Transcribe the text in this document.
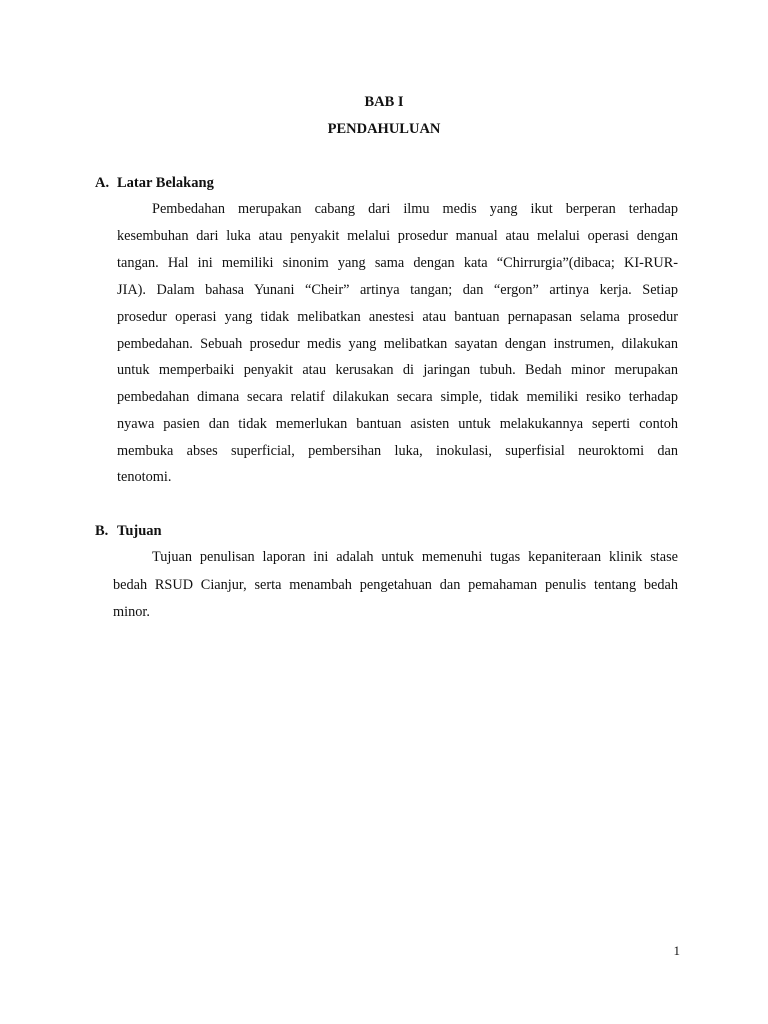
BAB I
PENDAHULUAN
A. Latar Belakang
Pembedahan merupakan cabang dari ilmu medis yang ikut berperan terhadap
kesembuhan dari luka atau penyakit melalui prosedur manual atau melalui operasi dengan
tangan. Hal ini memiliki sinonim yang sama dengan kata “Chirrurgia”(dibaca; KI-RUR-
JIA). Dalam bahasa Yunani “Cheir” artinya tangan; dan “ergon” artinya kerja. Setiap
prosedur operasi yang tidak melibatkan anestesi atau bantuan pernapasan selama prosedur
pembedahan. Sebuah prosedur medis yang melibatkan sayatan dengan instrumen, dilakukan
untuk memperbaiki penyakit atau kerusakan di jaringan tubuh. Bedah minor merupakan
pembedahan dimana secara relatif dilakukan secara simple, tidak memiliki resiko terhadap
nyawa pasien dan tidak memerlukan bantuan asisten untuk melakukannya seperti contoh
membuka abses superficial, pembersihan luka, inokulasi, superfisial neuroktomi dan
tenotomi.
B. Tujuan
Tujuan penulisan laporan ini adalah untuk memenuhi tugas kepaniteraan klinik stase
bedah RSUD Cianjur, serta menambah pengetahuan dan pemahaman penulis tentang bedah
minor.
1
